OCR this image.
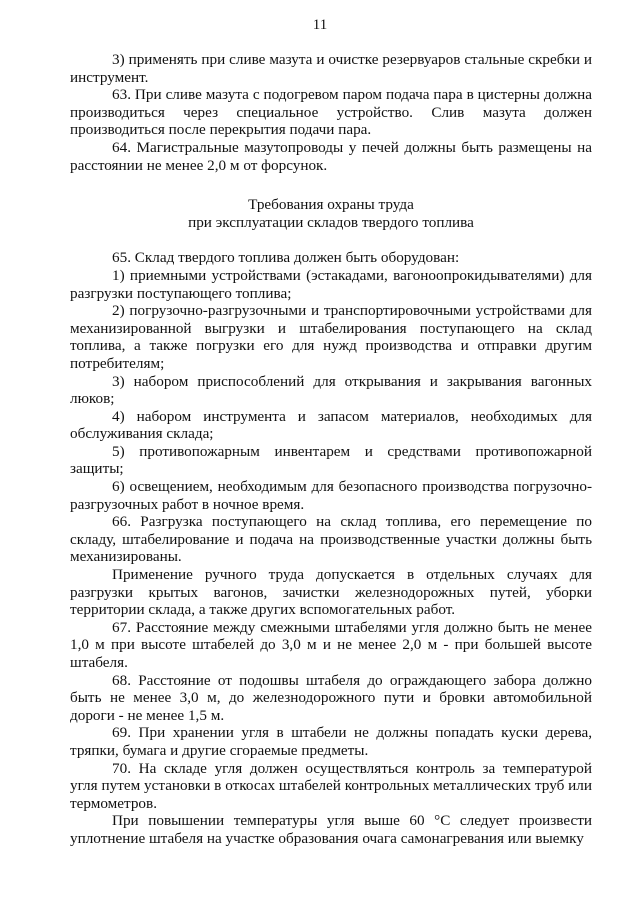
11

3) применять при сливе мазута и очистке резервуаров стальные скребки и инструмент.

63. При сливе мазута с подогревом паром подача пара в цистерны должна производиться через специальное устройство. Слив мазута должен производиться после перекрытия подачи пара.

64. Магистральные мазутопроводы у печей должны быть размещены на расстоянии не менее 2,0 м от форсунок.

Требования охраны труда
при эксплуатации складов твердого топлива

65. Склад твердого топлива должен быть оборудован:

1) приемными устройствами (эстакадами, вагоноопрокидывателями) для разгрузки поступающего топлива;

2) погрузочно-разгрузочными и транспортировочными устройствами для механизированной выгрузки и штабелирования поступающего на склад топлива, а также погрузки его для нужд производства и отправки другим потребителям;

3) набором приспособлений для открывания и закрывания вагонных люков;

4) набором инструмента и запасом материалов, необходимых для обслуживания склада;

5) противопожарным инвентарем и средствами противопожарной защиты;

6) освещением, необходимым для безопасного производства погрузочно-разгрузочных работ в ночное время.

66. Разгрузка поступающего на склад топлива, его перемещение по складу, штабелирование и подача на производственные участки должны быть механизированы.

Применение ручного труда допускается в отдельных случаях для разгрузки крытых вагонов, зачистки железнодорожных путей, уборки территории склада, а также других вспомогательных работ.

67. Расстояние между смежными штабелями угля должно быть не менее 1,0 м при высоте штабелей до 3,0 м и не менее 2,0 м - при большей высоте штабеля.

68. Расстояние от подошвы штабеля до ограждающего забора должно быть не менее 3,0 м, до железнодорожного пути и бровки автомобильной дороги - не менее 1,5 м.

69. При хранении угля в штабели не должны попадать куски дерева, тряпки, бумага и другие сгораемые предметы.

70. На складе угля должен осуществляться контроль за температурой угля путем установки в откосах штабелей контрольных металлических труб или термометров.

При повышении температуры угля выше 60 °С следует произвести уплотнение штабеля на участке образования очага самонагревания или выемку
